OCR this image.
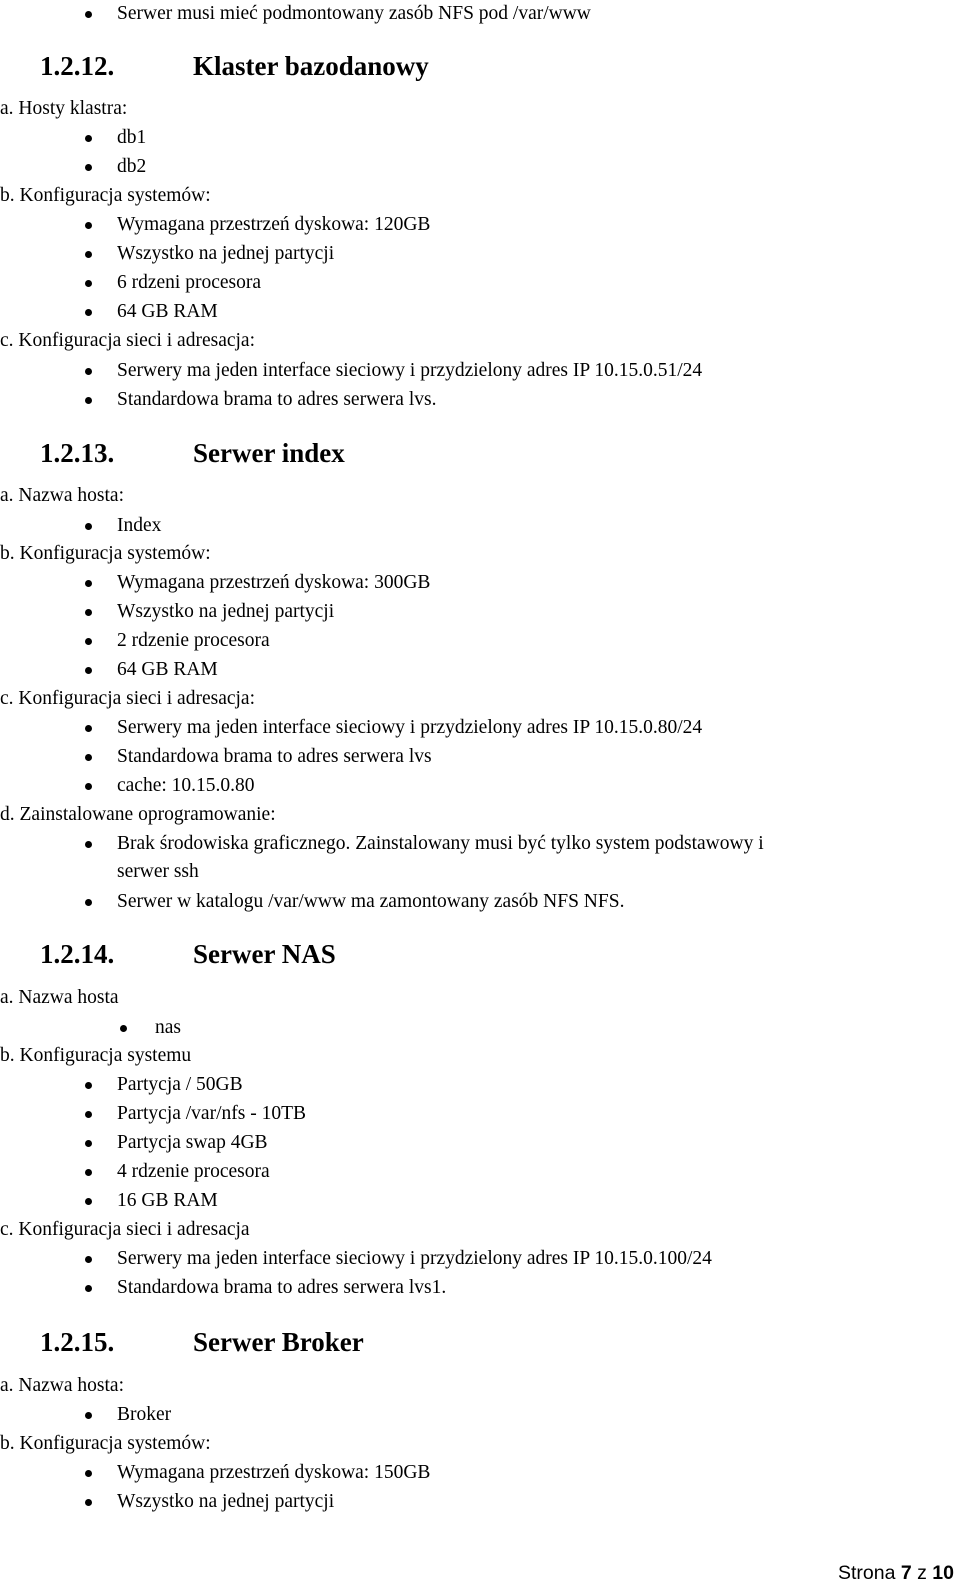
Serwer musi mieć podmontowany zasób NFS pod /var/www
1.2.12.	Klaster bazodanowy
a. Hosty klastra:
db1
db2
b. Konfiguracja systemów:
Wymagana przestrzeń dyskowa: 120GB
Wszystko na jednej partycji
6 rdzeni procesora
64 GB RAM
c. Konfiguracja sieci i adresacja:
Serwery ma jeden interface sieciowy i przydzielony adres IP 10.15.0.51/24
Standardowa brama to adres serwera lvs.
1.2.13.	Serwer index
a. Nazwa hosta:
Index
b. Konfiguracja systemów:
Wymagana przestrzeń dyskowa: 300GB
Wszystko na jednej partycji
2 rdzenie procesora
64 GB RAM
c. Konfiguracja sieci i adresacja:
Serwery ma jeden interface sieciowy i przydzielony adres IP 10.15.0.80/24
Standardowa brama to adres serwera lvs
cache: 10.15.0.80
d. Zainstalowane oprogramowanie:
Brak środowiska graficznego. Zainstalowany musi być tylko system podstawowy i
serwer ssh
Serwer w katalogu /var/www ma zamontowany zasób NFS NFS.
1.2.14.	Serwer NAS
a. Nazwa hosta
nas
b. Konfiguracja systemu
Partycja / 50GB
Partycja /var/nfs - 10TB
Partycja swap 4GB
4 rdzenie procesora
16 GB RAM
c. Konfiguracja sieci i adresacja
Serwery ma jeden interface sieciowy i przydzielony adres IP 10.15.0.100/24
Standardowa brama to adres serwera lvs1.
1.2.15.	Serwer Broker
a. Nazwa hosta:
Broker
b. Konfiguracja systemów:
Wymagana przestrzeń dyskowa: 150GB
Wszystko na jednej partycji
Strona 7 z 10
